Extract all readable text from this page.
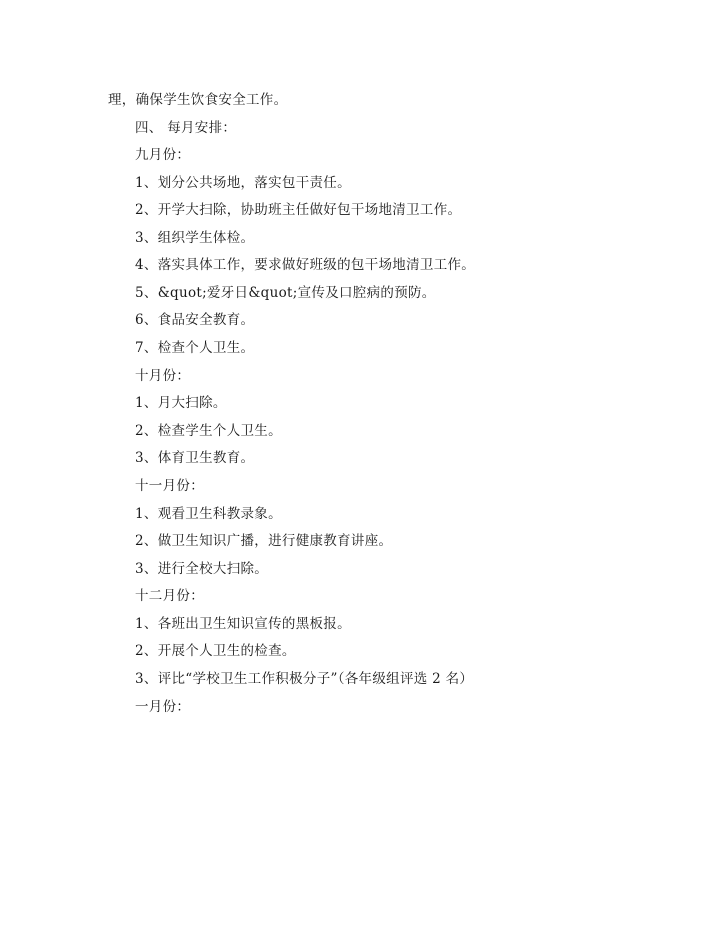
理，确保学生饮食安全工作。
四、 每月安排：
九月份：
1、划分公共场地，落实包干责任。
2、开学大扫除，协助班主任做好包干场地清卫工作。
3、组织学生体检。
4、落实具体工作，要求做好班级的包干场地清卫工作。
5、&quot;爱牙日&quot;宣传及口腔病的预防。
6、食品安全教育。
7、检查个人卫生。
十月份：
1、月大扫除。
2、检查学生个人卫生。
3、体育卫生教育。
十一月份：
1、观看卫生科教录象。
2、做卫生知识广播，进行健康教育讲座。
3、进行全校大扫除。
十二月份：
1、各班出卫生知识宣传的黑板报。
2、开展个人卫生的检查。
3、评比“学校卫生工作积极分子”（各年级组评选 2 名）
一月份：
